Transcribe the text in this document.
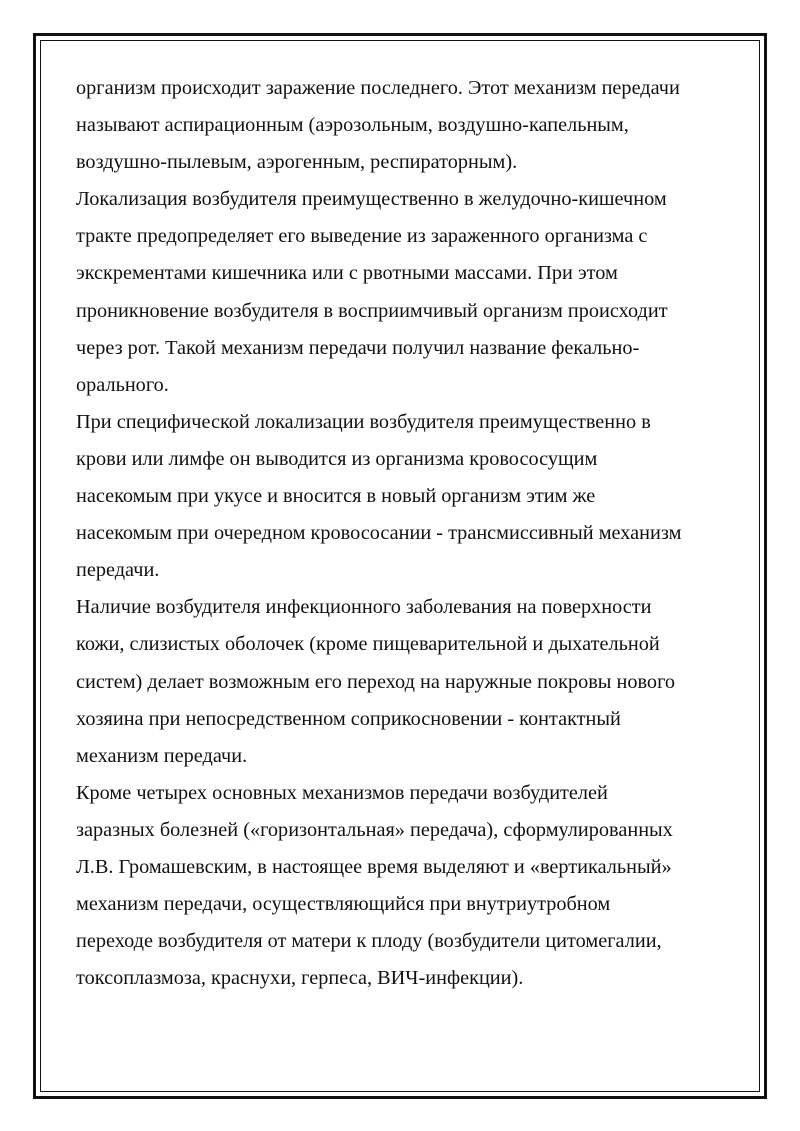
организм происходит заражение последнего. Этот механизм передачи
называют аспирационным (аэрозольным, воздушно-капельным,
воздушно-пылевым, аэрогенным, респираторным).
Локализация возбудителя преимущественно в желудочно-кишечном
тракте предопределяет его выведение из зараженного организма с
экскрементами кишечника или с рвотными массами. При этом
проникновение возбудителя в восприимчивый организм происходит
через рот. Такой механизм передачи получил название фекально-
орального.
При специфической локализации возбудителя преимущественно в
крови или лимфе он выводится из организма кровососущим
насекомым при укусе и вносится в новый организм этим же
насекомым при очередном кровососании - трансмиссивный механизм
передачи.
Наличие возбудителя инфекционного заболевания на поверхности
кожи, слизистых оболочек (кроме пищеварительной и дыхательной
систем) делает возможным его переход на наружные покровы нового
хозяина при непосредственном соприкосновении - контактный
механизм передачи.
Кроме четырех основных механизмов передачи возбудителей
заразных болезней («горизонтальная» передача), сформулированных
Л.В. Громашевским, в настоящее время выделяют и «вертикальный»
механизм передачи, осуществляющийся при внутриутробном
переходе возбудителя от матери к плоду (возбудители цитомегалии,
токсоплазмоза, краснухи, герпеса, ВИЧ-инфекции).
